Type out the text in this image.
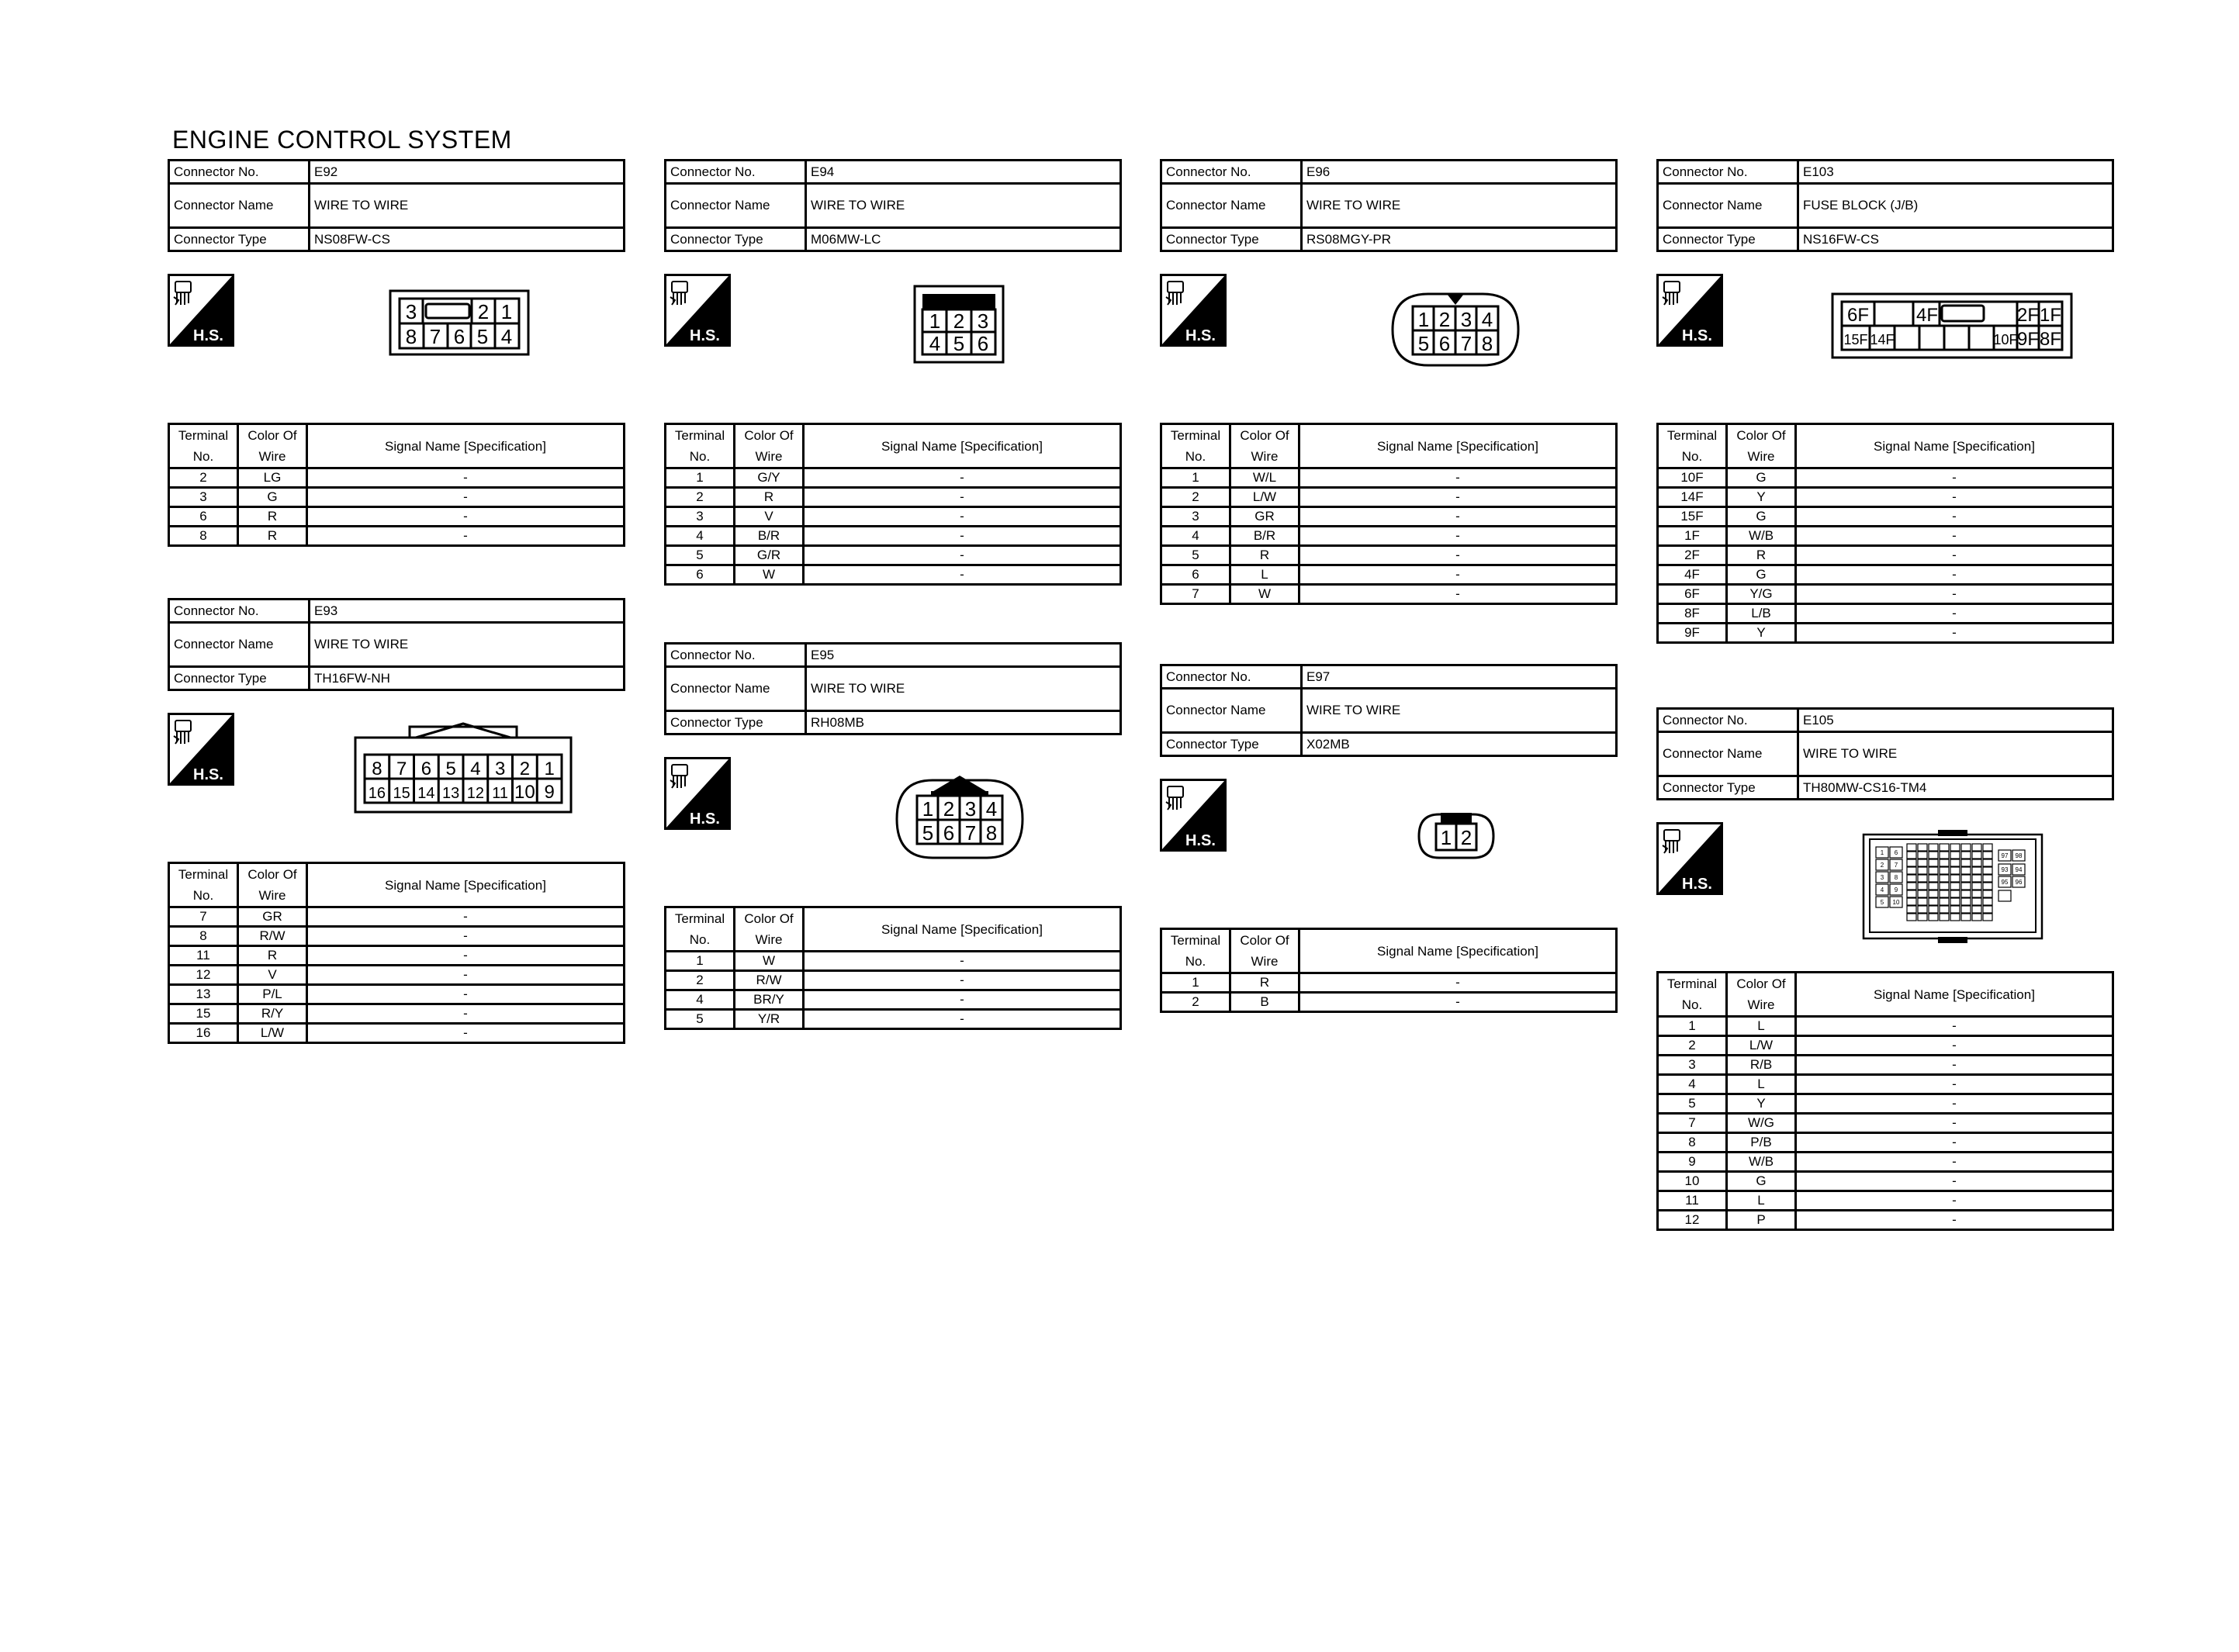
ENGINE CONTROL SYSTEM
Connector No.	E92
Connector Name	WIRE TO WIRE
Connector Type	NS08FW-CS
H.S.
3	2 1
8 7 6 5 4
Terminal No.	Color Of Wire	Signal Name [Specification]
2	LG	-
3	G	-
6	R	-
8	R	-
Connector No.	E93
Connector Name	WIRE TO WIRE
Connector Type	TH16FW-NH
H.S.	8
16
7
15
6
14
5
13
4
12
3
11
2
10
1
9
Terminal No.	Color Of Wire	Signal Name [Specification]
7	GR	-
8	R/W	-
11	R	-
12	V	-
13	P/L	-
15	R/Y	-
16	L/W	-
Connector No.	E94
Connector Name	WIRE TO WIRE
Connector Type	M06MW-LC
H.S.
1 2 3
4 5 6
Terminal No.	Color Of Wire	Signal Name [Specification]
1	G/Y	-
2	R	-
3	V	-
4	B/R	-
5	G/R	-
6	W	-
Connector No.	E95
Connector Name	WIRE TO WIRE
Connector Type	RH08MB
H.S.	1 2 3 4
5 6 7 8
Terminal No.	Color Of Wire	Signal Name [Specification]
1	W	-
2	R/W	-
4	BR/Y	-
5	Y/R	-
Connector No.	E96
Connector Name	WIRE TO WIRE
Connector Type	RS08MGY-PR
H.S.
1 2 3 4
5 6 7 8
Terminal No.	Color Of Wire	Signal Name [Specification]
1	W/L	-
2	L/W	-
3	GR	-
4	B/R	-
5	R	-
6	L	-
7	W	-
Connector No.	E97
Connector Name	WIRE TO WIRE
Connector Type	X02MB
H.S.	1 2
Terminal No.	Color Of Wire	Signal Name [Specification]
1	R	-
2	B	-
Connector No.	E103
Connector Name	FUSE BLOCK (J/B)
Connector Type	NS16FW-CS
H.S.
6F	4F	2F 1F
15F 14F	10F 9F 8F
Terminal No.	Color Of Wire	Signal Name [Specification]
10F	G	-
14F	Y	-
15F	G	-
1F	W/B	-
2F	R	-
4F	G	-
6F	Y/G	-
8F	L/B	-
9F	Y	-
Connector No.	E105
Connector Name	WIRE TO WIRE
Connector Type	TH80MW-CS16-TM4
H.S.
1 6
2 7
3 8
4 9
5 10
97 98
93 94
95 96
Terminal No.	Color Of Wire	Signal Name [Specification]
1	L	-
2	L/W	-
3	R/B	-
4	L	-
5	Y	-
7	W/G	-
8	P/B	-
9	W/B	-
10	G	-
11	L	-
12	P	-
